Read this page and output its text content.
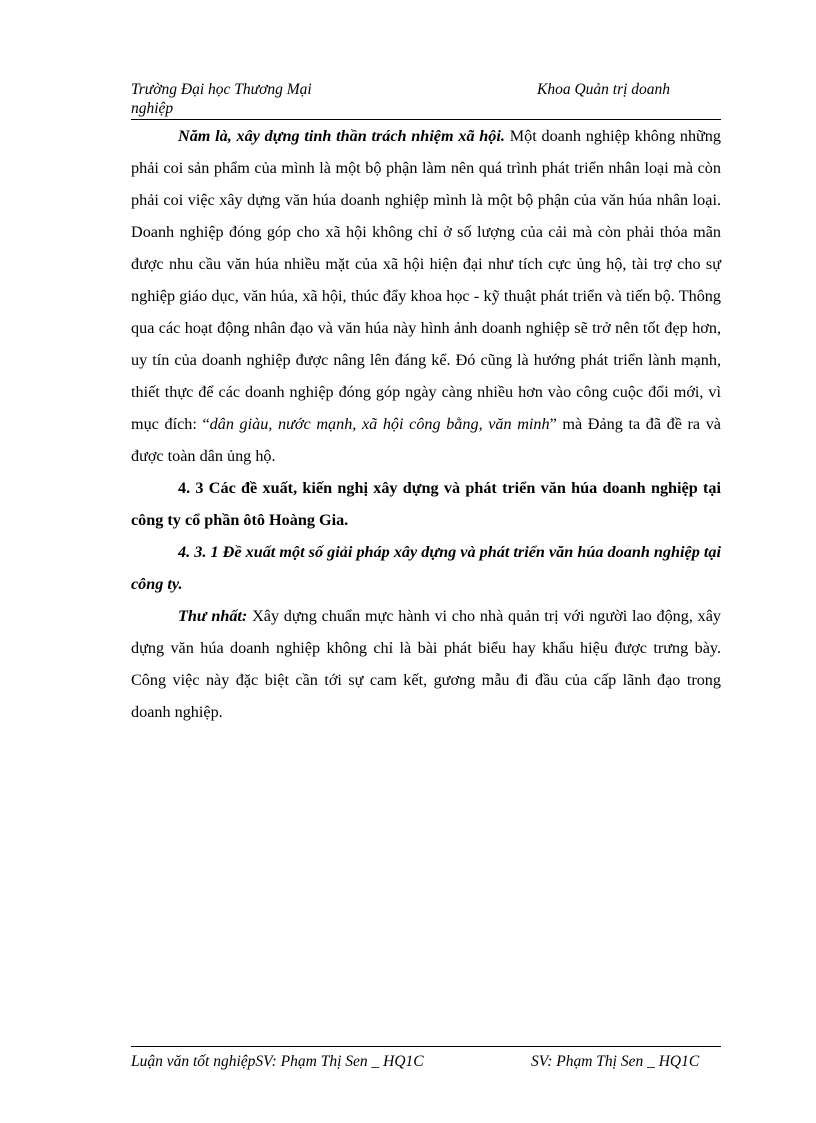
Trường Đại học Thương Mại	Khoa Quản trị doanh
nghiệp

Năm là, xây dựng tinh thần trách nhiệm xã hội. Một doanh nghiệp không những phải coi sản phẩm của mình là một bộ phận làm nên quá trình phát triển nhân loại mà còn phải coi việc xây dựng văn húa doanh nghiệp mình là một bộ phận của văn húa nhân loại. Doanh nghiệp đóng góp cho xã hội không chỉ ở số lượng của cải mà còn phải thỏa mãn được nhu cầu văn húa nhiều mặt của xã hội hiện đại như tích cực ủng hộ, tài trợ cho sự nghiệp giáo dục, văn húa, xã hội, thúc đẩy khoa học - kỹ thuật phát triển và tiến bộ. Thông qua các hoạt động nhân đạo và văn húa này hình ảnh doanh nghiệp sẽ trở nên tốt đẹp hơn, uy tín của doanh nghiệp được nâng lên đáng kể. Đó cũng là hướng phát triển lành mạnh, thiết thực để các doanh nghiệp đóng góp ngày càng nhiều hơn vào công cuộc đổi mới, vì mục đích: “dân giàu, nước mạnh, xã hội công bằng, văn minh” mà Đảng ta đã đề ra và được toàn dân ủng hộ.

4. 3 Các đề xuất, kiến nghị xây dựng và phát triển văn húa doanh nghiệp tại công ty cổ phần ôtô Hoàng Gia.

4. 3. 1 Đề xuất một số giải pháp xây dựng và phát triển văn húa doanh nghiệp tại công ty.

Thư nhất: Xây dựng chuẩn mực hành vi cho nhà quản trị với người lao động, xây dựng văn húa doanh nghiệp không chỉ là bài phát biểu hay khẩu hiệu được trưng bày. Công việc này đặc biệt cần tới sự cam kết, gương mẫu đi đầu của cấp lãnh đạo trong doanh nghiệp.

Luận văn tốt nghiệpSV: Phạm Thị Sen _ HQ1C	SV: Phạm Thị Sen _ HQ1C
